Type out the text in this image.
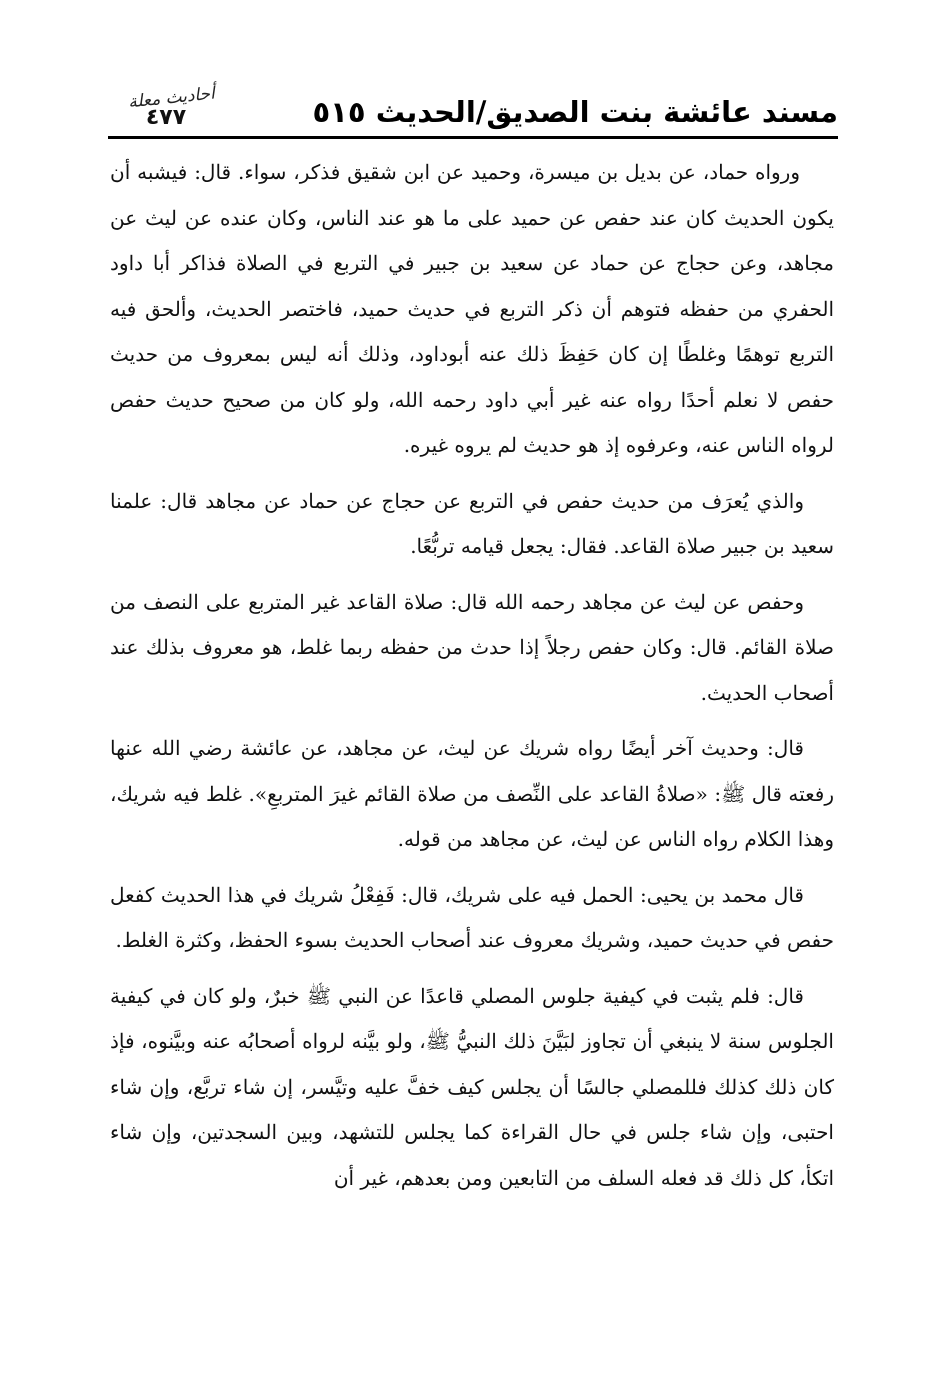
مسند عائشة بنت الصديق/الحديث ٥١٥
أحاديث معلة
٤٧٧

ورواه حماد، عن بديل بن ميسرة، وحميد عن ابن شقيق فذكر، سواء. قال: فيشبه أن يكون الحديث كان عند حفص عن حميد على ما هو عند الناس، وكان عنده عن ليث عن مجاهد، وعن حجاج عن حماد عن سعيد بن جبير في التربع في الصلاة فذاكر أبا داود الحفري من حفظه فتوهم أن ذكر التربع في حديث حميد، فاختصر الحديث، وألحق فيه التربع توهمًا وغلطًا إن كان حَفِظَ ذلك عنه أبوداود، وذلك أنه ليس بمعروف من حديث حفص لا نعلم أحدًا رواه عنه غير أبي داود رحمه الله، ولو كان من صحيح حديث حفص لرواه الناس عنه، وعرفوه إذ هو حديث لم يروه غيره.

والذي يُعرَف من حديث حفص في التربع عن حجاج عن حماد عن مجاهد قال: علمنا سعيد بن جبير صلاة القاعد. فقال: يجعل قيامه تربُّعًا.

وحفص عن ليث عن مجاهد رحمه الله قال: صلاة القاعد غير المتربع على النصف من صلاة القائم. قال: وكان حفص رجلاً إذا حدث من حفظه ربما غلط، هو معروف بذلك عند أصحاب الحديث.

قال: وحديث آخر أيضًا رواه شريك عن ليث، عن مجاهد، عن عائشة رضي الله عنها رفعته قال ﷺ: «صلاةُ القاعد على النِّصف من صلاة القائم غيرَ المتربعِ». غلط فيه شريك، وهذا الكلام رواه الناس عن ليث، عن مجاهد من قوله.

قال محمد بن يحيى: الحمل فيه على شريك، قال: فَفِعْلُ شريك في هذا الحديث كفعل حفص في حديث حميد، وشريك معروف عند أصحاب الحديث بسوء الحفظ، وكثرة الغلط.

قال: فلم يثبت في كيفية جلوس المصلي قاعدًا عن النبي ﷺ خبرٌ، ولو كان في كيفية الجلوس سنة لا ينبغي أن تجاوز لبَيَّنَ ذلك النبيُّ ﷺ، ولو بيَّنه لرواه أصحابُه عنه وبيَّنوه، فإذ كان ذلك كذلك فللمصلي جالسًا أن يجلس كيف خفَّ عليه وتيَّسر، إن شاء تربَّع، وإن شاء احتبى، وإن شاء جلس في حال القراءة كما يجلس للتشهد، وبين السجدتين، وإن شاء اتكأ، كل ذلك قد فعله السلف من التابعين ومن بعدهم، غير أن
